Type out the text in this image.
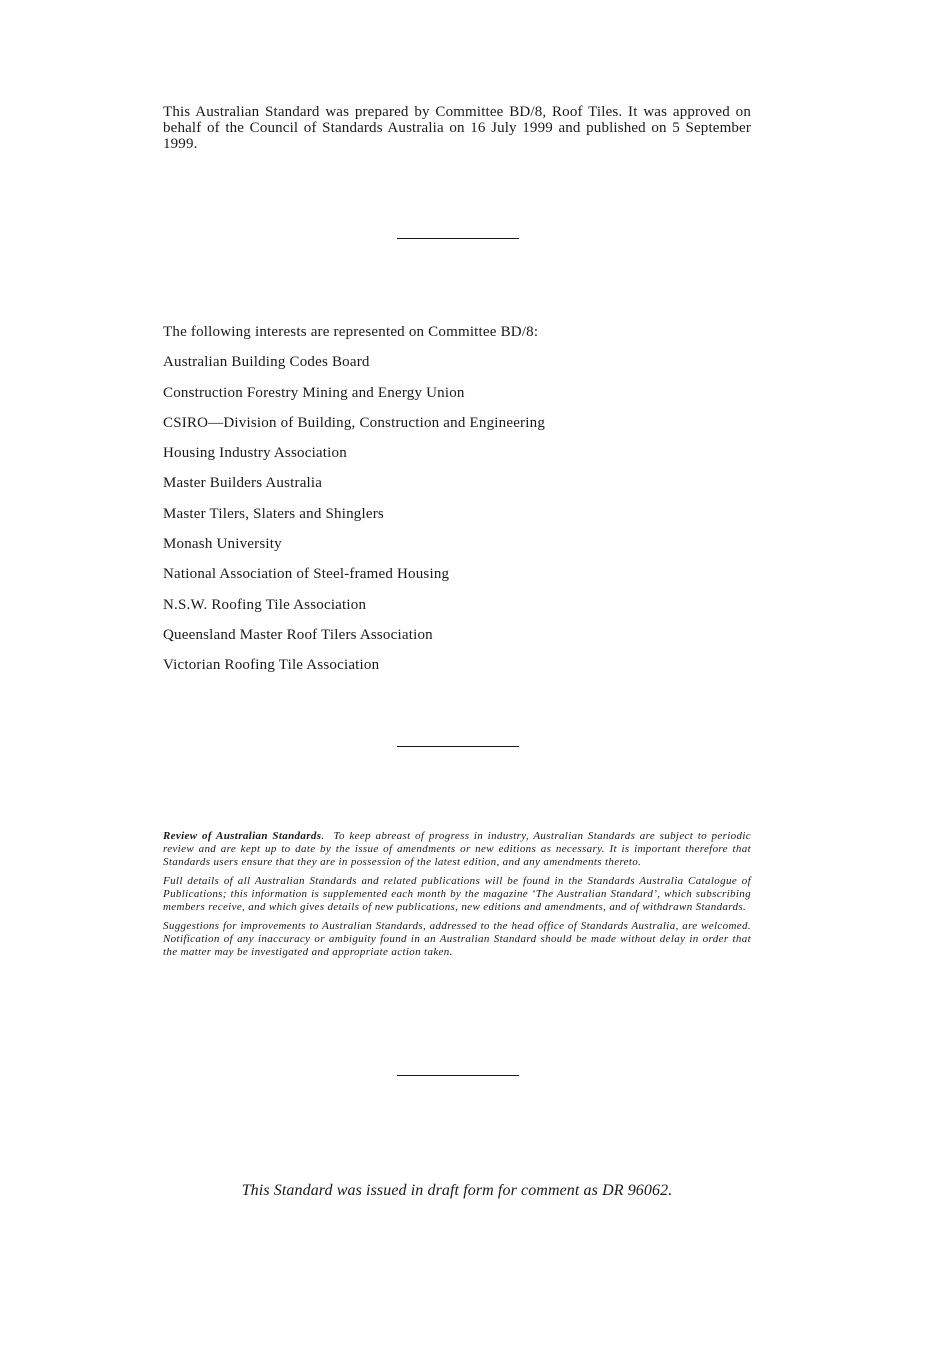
This Australian Standard was prepared by Committee BD/8, Roof Tiles. It was approved on behalf of the Council of Standards Australia on 16 July 1999 and published on 5 September 1999.

The following interests are represented on Committee BD/8:

Australian Building Codes Board
Construction Forestry Mining and Energy Union
CSIRO—Division of Building, Construction and Engineering
Housing Industry Association
Master Builders Australia
Master Tilers, Slaters and Shinglers
Monash University
National Association of Steel-framed Housing
N.S.W. Roofing Tile Association
Queensland Master Roof Tilers Association
Victorian Roofing Tile Association

Review of Australian Standards. To keep abreast of progress in industry, Australian Standards are subject to periodic review and are kept up to date by the issue of amendments or new editions as necessary. It is important therefore that Standards users ensure that they are in possession of the latest edition, and any amendments thereto.

Full details of all Australian Standards and related publications will be found in the Standards Australia Catalogue of Publications; this information is supplemented each month by the magazine ‘The Australian Standard’, which subscribing members receive, and which gives details of new publications, new editions and amendments, and of withdrawn Standards.

Suggestions for improvements to Australian Standards, addressed to the head office of Standards Australia, are welcomed. Notification of any inaccuracy or ambiguity found in an Australian Standard should be made without delay in order that the matter may be investigated and appropriate action taken.

This Standard was issued in draft form for comment as DR 96062.
